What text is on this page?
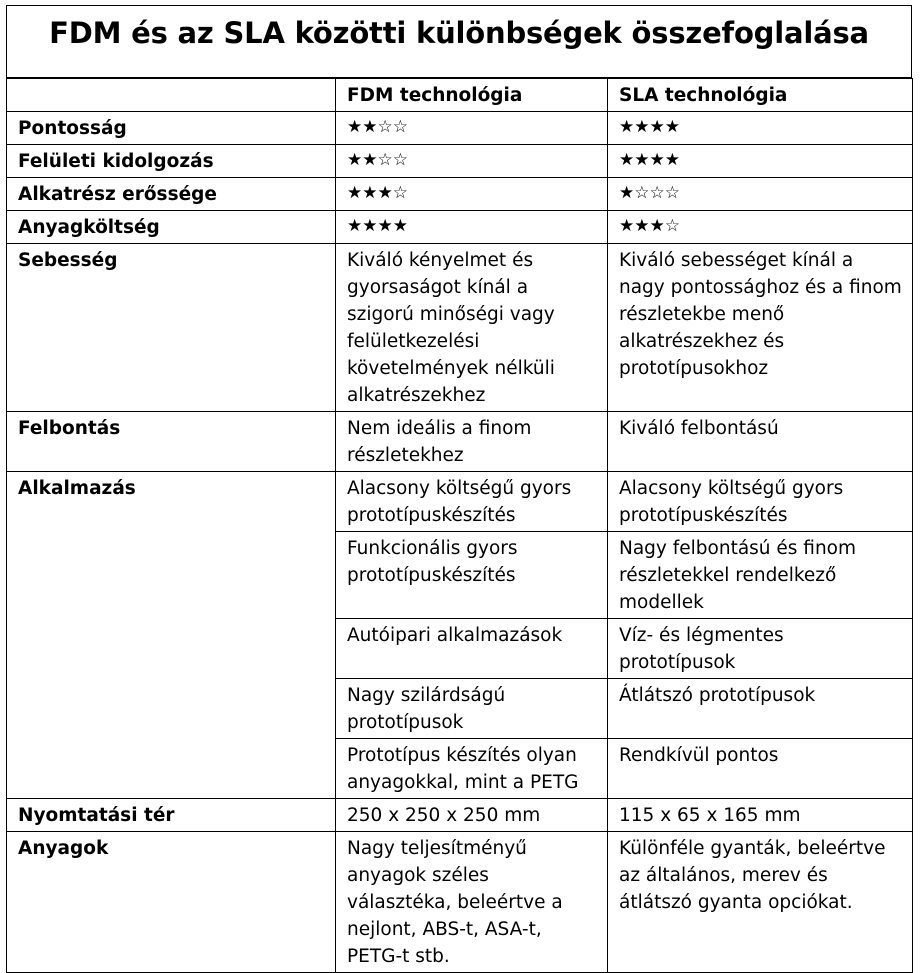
FDM és az SLA közötti különbségek összefoglalása
	FDM technológia	SLA technológia
Pontosság	★★☆☆	★★★★
Felületi kidolgozás	★★☆☆	★★★★
Alkatrész erőssége	★★★☆	★☆☆☆
Anyagköltség	★★★★	★★★☆
Sebesség	Kiváló kényelmet és gyorsaságot kínál a szigorú minőségi vagy felületkezelési követelmények nélküli alkatrészekhez	Kiváló sebességet kínál a nagy pontossághoz és a finom részletekbe menő alkatrészekhez és prototípusokhoz
Felbontás	Nem ideális a finom részletekhez	Kiváló felbontású
Alkalmazás	Alacsony költségű gyors prototípuskészítés	Alacsony költségű gyors prototípuskészítés
	Funkcionális gyors prototípuskészítés	Nagy felbontású és finom részletekkel rendelkező modellek
	Autóipari alkalmazások	Víz- és légmentes prototípusok
	Nagy szilárdságú prototípusok	Átlátszó prototípusok
	Prototípus készítés olyan anyagokkal, mint a PETG	Rendkívül pontos
Nyomtatási tér	250 x 250 x 250 mm	115 x 65 x 165 mm
Anyagok	Nagy teljesítményű anyagok széles választéka, beleértve a nejlont, ABS-t, ASA-t, PETG-t stb.	Különféle gyanták, beleértve az általános, merev és átlátszó gyanta opciókat.
